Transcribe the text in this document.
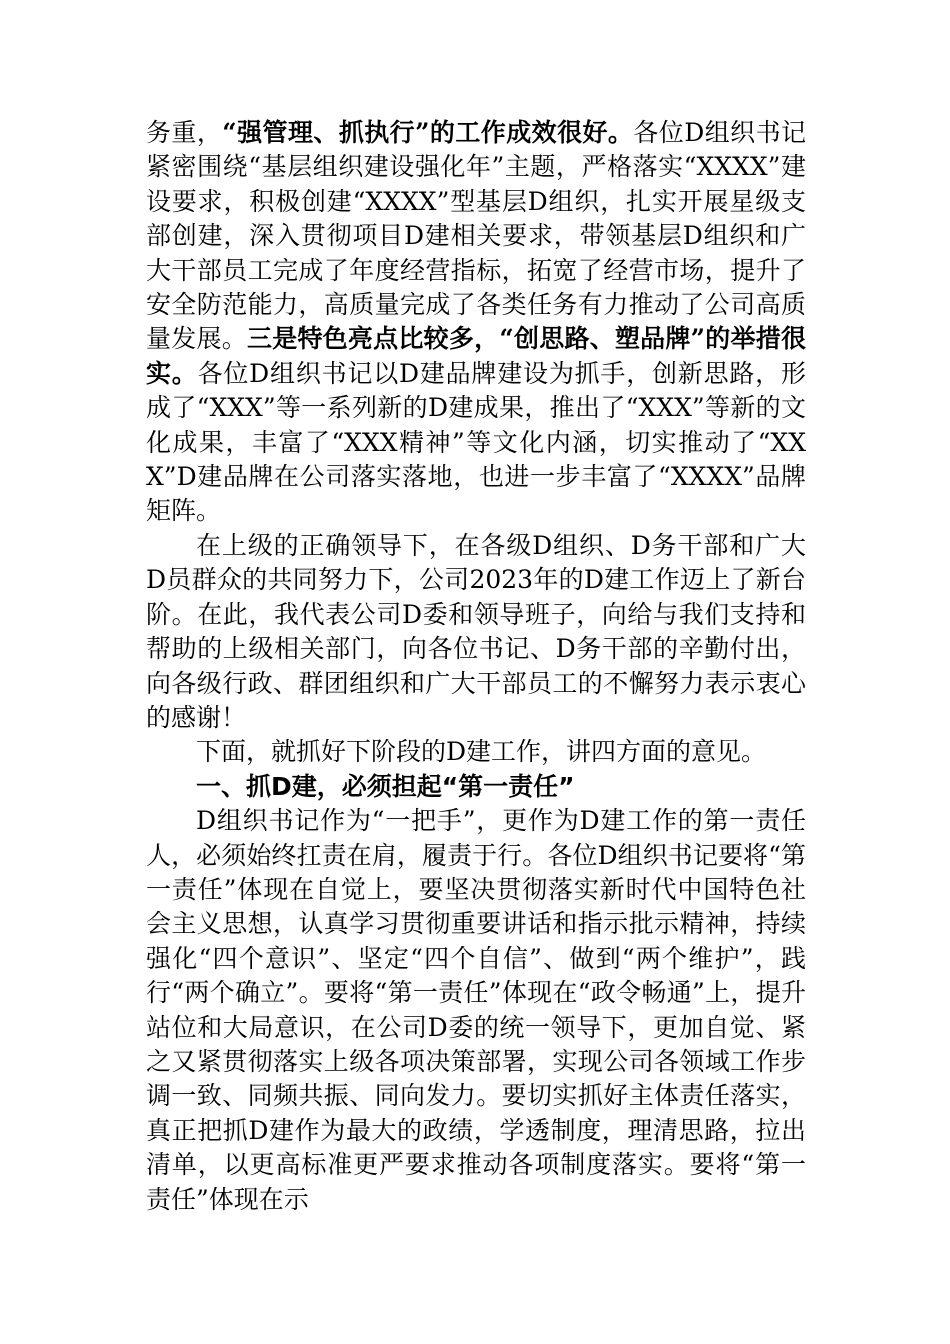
务重，“强管理、抓执行”的工作成效很好。各位D组织书记紧密围绕“基层组织建设强化年”主题，严格落实“XXXX”建设要求，积极创建“XXXX”型基层D组织，扎实开展星级支部创建，深入贯彻项目D建相关要求，带领基层D组织和广大干部员工完成了年度经营指标，拓宽了经营市场，提升了安全防范能力，高质量完成了各类任务有力推动了公司高质量发展。三是特色亮点比较多，“创思路、塑品牌”的举措很实。各位D组织书记以D建品牌建设为抓手，创新思路，形成了“XXX”等一系列新的D建成果，推出了“XXX”等新的文化成果，丰富了“XXX精神”等文化内涵，切实推动了“XXX”D建品牌在公司落实落地，也进一步丰富了“XXXX”品牌矩阵。

在上级的正确领导下，在各级D组织、D务干部和广大D员群众的共同努力下，公司2023年的D建工作迈上了新台阶。在此，我代表公司D委和领导班子，向给与我们支持和帮助的上级相关部门，向各位书记、D务干部的辛勤付出，向各级行政、群团组织和广大干部员工的不懈努力表示衷心的感谢！

下面，就抓好下阶段的D建工作，讲四方面的意见。

一、抓D建，必须担起“第一责任”

D组织书记作为“一把手”，更作为D建工作的第一责任人，必须始终扛责在肩，履责于行。各位D组织书记要将“第一责任”体现在自觉上，要坚决贯彻落实新时代中国特色社会主义思想，认真学习贯彻重要讲话和指示批示精神，持续强化“四个意识”、坚定“四个自信”、做到“两个维护”，践行“两个确立”。要将“第一责任”体现在“政令畅通”上，提升站位和大局意识，在公司D委的统一领导下，更加自觉、紧之又紧贯彻落实上级各项决策部署，实现公司各领域工作步调一致、同频共振、同向发力。要切实抓好主体责任落实，真正把抓D建作为最大的政绩，学透制度，理清思路，拉出清单，以更高标准更严要求推动各项制度落实。要将“第一责任”体现在示
